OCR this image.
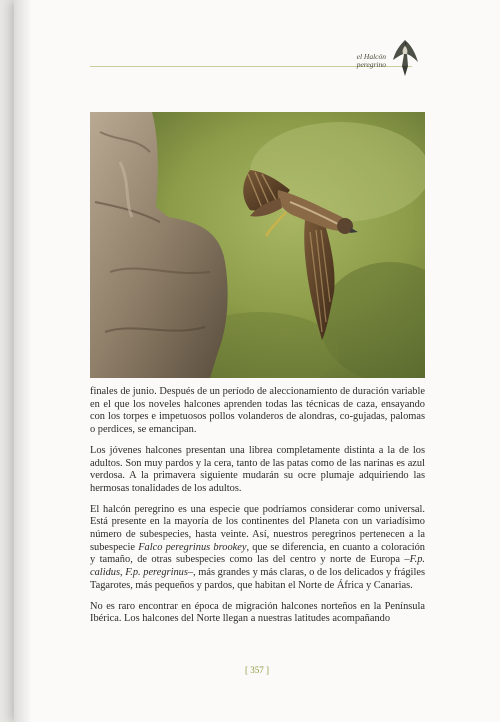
el Halcón
peregrino

finales de junio. Después de un período de aleccionamiento de duración variable en el que los noveles halcones aprenden todas las técnicas de caza, ensayando con los torpes e impetuosos pollos volanderos de alondras, co-gujadas, palomas o perdices, se emancipan.

Los jóvenes halcones presentan una librea completamente distinta a la de los adultos. Son muy pardos y la cera, tanto de las patas como de las narinas es azul verdosa. A la primavera siguiente mudarán su ocre plumaje adquiriendo las hermosas tonalidades de los adultos.

El halcón peregrino es una especie que podríamos considerar como universal. Está presente en la mayoría de los continentes del Planeta con un variadísimo número de subespecies, hasta veinte. Así, nuestros peregrinos pertenecen a la subespecie Falco peregrinus brookey, que se diferencia, en cuanto a coloración y tamaño, de otras subespecies como las del centro y norte de Europa –F.p. calidus, F.p. peregrinus–, más grandes y más claras, o de los delicados y frágiles Tagarotes, más pequeños y pardos, que habitan el Norte de África y Canarias.

No es raro encontrar en época de migración halcones norteños en la Península Ibérica. Los halcones del Norte llegan a nuestras latitudes acompañando

[ 357 ]
